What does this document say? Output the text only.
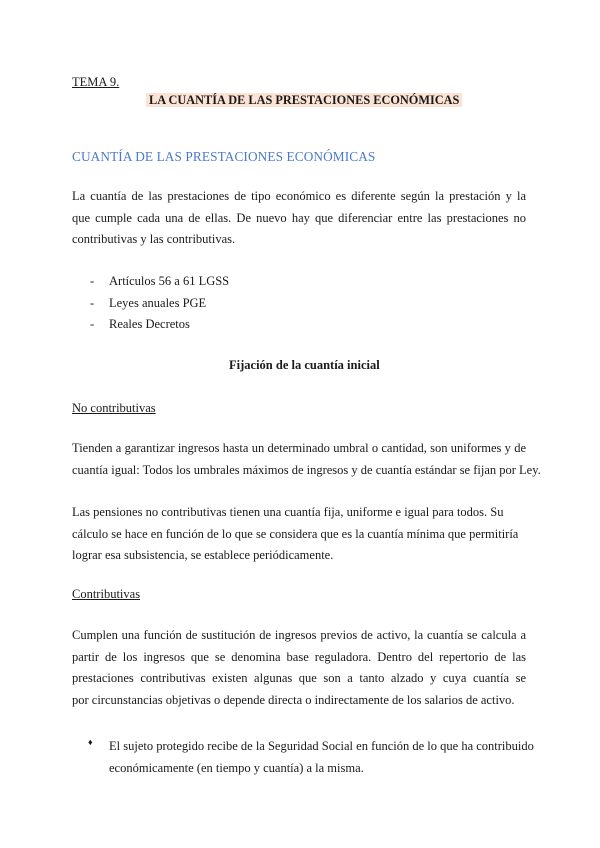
TEMA 9.
LA CUANTÍA DE LAS PRESTACIONES ECONÓMICAS
CUANTÍA DE LAS PRESTACIONES ECONÓMICAS
La cuantía de las prestaciones de tipo económico es diferente según la prestación y la
que cumple cada una de ellas. De nuevo hay que diferenciar entre las prestaciones no
contributivas y las contributivas.
-	Artículos 56 a 61 LGSS
-	Leyes anuales PGE
-	Reales Decretos
Fijación de la cuantía inicial
No contributivas
Tienden a garantizar ingresos hasta un determinado umbral o cantidad, son uniformes y de
cuantía igual: Todos los umbrales máximos de ingresos y de cuantía estándar se fijan por Ley.
Las pensiones no contributivas tienen una cuantía fija, uniforme e igual para todos. Su
cálculo se hace en función de lo que se considera que es la cuantía mínima que permitiría
lograr esa subsistencia, se establece periódicamente.
Contributivas
Cumplen una función de sustitución de ingresos previos de activo, la cuantía se calcula a
partir de los ingresos que se denomina base reguladora. Dentro del repertorio de las
prestaciones contributivas existen algunas que son a tanto alzado y cuya cuantía se
por circunstancias objetivas o depende directa o indirectamente de los salarios de activo.
♦ El sujeto protegido recibe de la Seguridad Social en función de lo que ha contribuido
económicamente (en tiempo y cuantía) a la misma.
